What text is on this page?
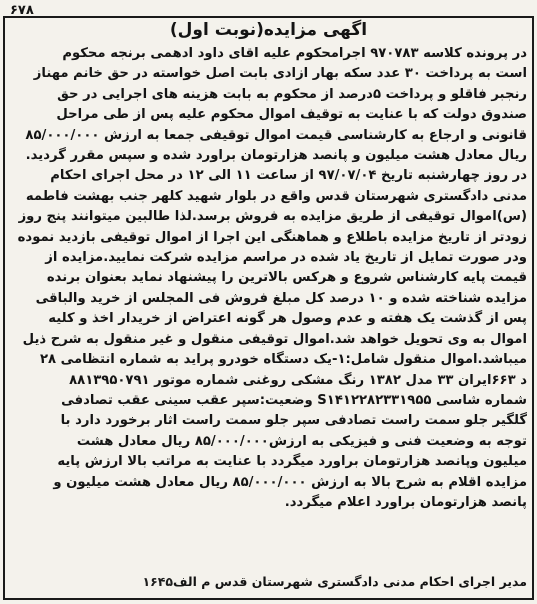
۶۷۸
اگهی مزایده(نوبت اول)

در پرونده کلاسه ۹۷۰۷۸۳ اجرامحکوم علیه اقای داود ادهمی برنجه محکوم

است به پرداخت ۳۰ عدد سکه بهار ازادی بابت اصل خواسته در حق خانم مهناز

رنجبر فاقلو و پرداخت ۵درصد از محکوم به بابت هزینه های اجرایی در حق

صندوق دولت که با عنایت به توقیف اموال محکوم علیه پس از طی مراحل

قانونی و ارجاع به کارشناسی قیمت اموال توقیفی جمعا به ارزش ۸۵/۰۰۰/۰۰۰

ریال معادل هشت میلیون و پانصد هزارتومان براورد شده و سپس مقرر گردید.

در روز چهارشنبه تاریخ ۹۷/۰۷/۰۴ از ساعت ۱۱ الی ۱۲ در محل اجرای احکام

مدنی دادگستری شهرستان قدس واقع در بلوار شهید کلهر جنب بهشت فاطمه

(س)اموال توقیفی از طریق مزایده به فروش برسد.لذا طالبین میتوانند پنج روز

زودتر از تاریخ مزایده باطلاع و هماهنگی این اجرا از اموال توقیفی بازدید نموده

ودر صورت تمایل از تاریخ یاد شده در مراسم مزایده شرکت نمایید.مزایده از

قیمت پایه کارشناس شروع و هرکس بالاترین را پیشنهاد نماید بعنوان برنده

مزایده شناخته شده و ۱۰ درصد کل مبلغ فروش فی المجلس از خرید والباقی

پس از گذشت یک هفته و عدم وصول هر گونه اعتراض از خریدار اخذ و کلیه

اموال به وی تحویل خواهد شد.اموال توقیفی منقول و غیر منقول به شرح ذیل

میباشد.اموال منقول شامل:۱-یک دستگاه خودرو پراید به شماره انتظامی ۲۸

د ۶۶۳ایران ۳۳ مدل ۱۳۸۲ رنگ مشکی روغنی شماره موتور ۸۸۱۳۹۵۰۷۹۱

شماره شاسی S۱۴۱۲۲۸۲۳۳۱۹۵۵ وضعیت:سپر عقب سینی عقب تصادفی

گلگیر جلو سمت راست تصادفی سپر جلو سمت راست اثار برخورد دارد با

توجه به وضعیت فنی و فیزیکی به ارزش۸۵/۰۰۰/۰۰۰ ریال معادل هشت

میلیون وپانصد هزارتومان براورد میگردد با عنایت به مراتب بالا ارزش پایه

مزایده اقلام به شرح بالا به ارزش ۸۵/۰۰۰/۰۰۰ ریال معادل هشت میلیون و

پانصد هزارتومان براورد اعلام میگردد.

مدیر اجرای احکام مدنی دادگستری شهرستان قدس م الف۱۶۴۵
